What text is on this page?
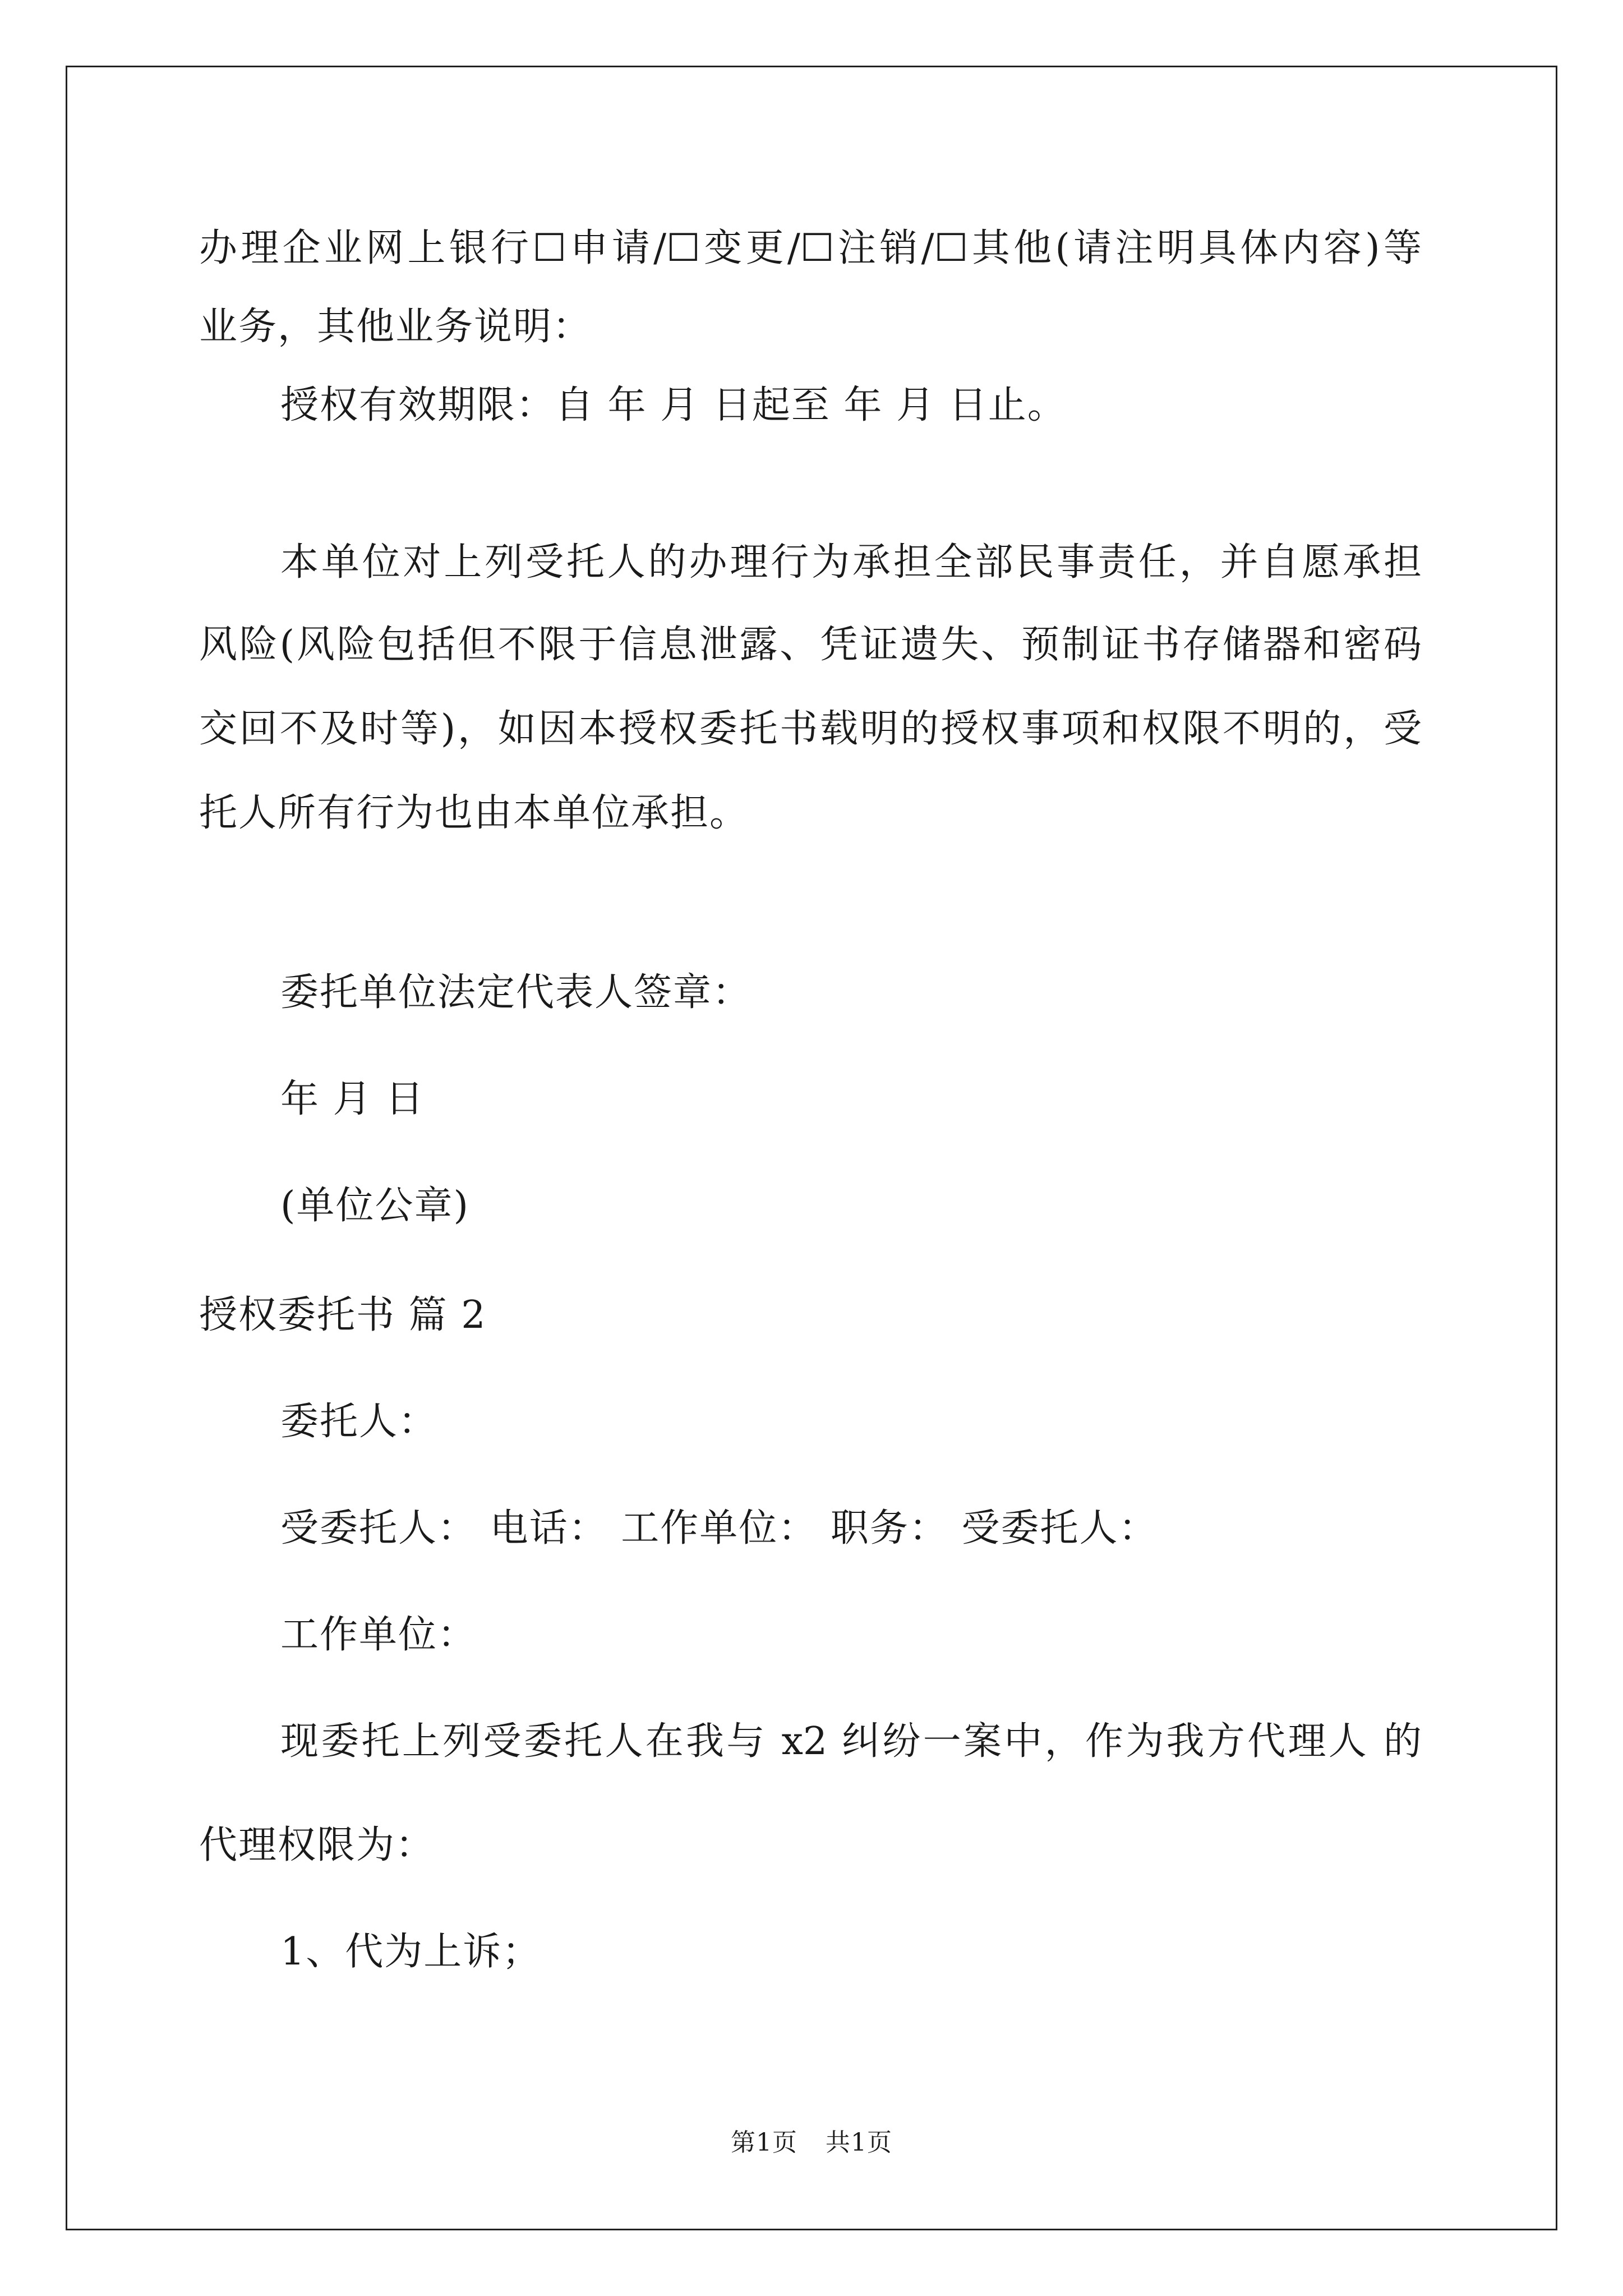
办理企业网上银行☐申请/☐变更/☐注销/☐其他(请注明具体内容)等
业务，其他业务说明：
授权有效期限：自 年 月 日起至 年 月 日止。
本单位对上列受托人的办理行为承担全部民事责任，并自愿承担
风险(风险包括但不限于信息泄露、凭证遗失、预制证书存储器和密码
交回不及时等)，如因本授权委托书载明的授权事项和权限不明的，受
托人所有行为也由本单位承担。
委托单位法定代表人签章：
年 月 日
(单位公章)
授权委托书 篇 2
委托人：
受委托人： 电话： 工作单位： 职务： 受委托人：
工作单位：
现委托上列受委托人在我与 x2 纠纷一案中，作为我方代理人 的
代理权限为：
1、代为上诉；
第1页 共1页
